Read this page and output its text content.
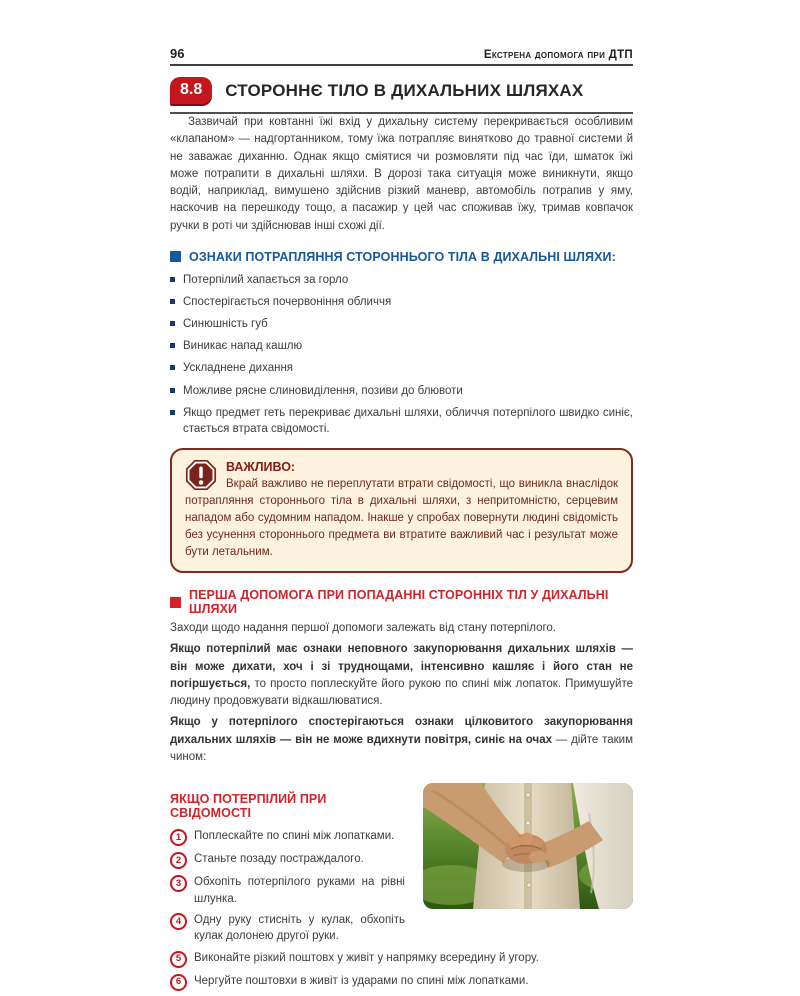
96	Екстрена допомога при ДТП
8.8	СТОРОННЄ ТІЛО В ДИХАЛЬНИХ ШЛЯХАХ

Зазвичай при ковтанні їжі вхід у дихальну систему перекривається особливим «клапаном» — надгортанником, тому їжа потрапляє винятково до травної системи й не заважає диханню. Однак якщо сміятися чи розмовляти під час їди, шматок їжі може потрапити в дихальні шляхи. В дорозі така ситуація може виникнути, якщо водій, наприклад, вимушено здійснив різкий маневр, автомобіль потрапив у яму, наскочив на перешкоду тощо, а пасажир у цей час споживав їжу, тримав ковпачок ручки в роті чи здійснював інші схожі дії.

ОЗНАКИ ПОТРАПЛЯННЯ СТОРОННЬОГО ТІЛА В ДИХАЛЬНІ ШЛЯХИ:
Потерпілий хапається за горло
Спостерігається почервоніння обличчя
Синюшність губ
Виникає напад кашлю
Ускладнене дихання
Можливе рясне слиновиділення, позиви до блювоти
Якщо предмет геть перекриває дихальні шляхи, обличчя потерпілого швидко синіє, стається втрата свідомості.
ВАЖЛИВО:
Вкрай важливо не переплутати втрати свідомості, що виникла внаслідок потрапляння стороннього тіла в дихальні шляхи, з непритомністю, серцевим нападом або судомним нападом. Інакше у спробах повернути людині свідомість без усунення стороннього предмета ви втратите важливий час і результат може бути летальним.
ПЕРША ДОПОМОГА ПРИ ПОПАДАННІ СТОРОННІХ ТІЛ У ДИХАЛЬНІ ШЛЯХИ

Заходи щодо надання першої допомоги залежать від стану потерпілого.

Якщо потерпілий має ознаки неповного закупорювання дихальних шляхів — він може дихати, хоч і зі труднощами, інтенсивно кашляє і його стан не погіршується, то просто поплескуйте його рукою по спині між лопаток. Примушуйте людину продовжувати відкашлюватися.

Якщо у потерпілого спостерігаються ознаки цілковитого закупорювання дихальних шляхів — він не може вдихнути повітря, синіє на очах — дійте таким чином:

ЯКЩО ПОТЕРПІЛИЙ ПРИ СВІДОМОСТІ
1	Поплескайте по спині між лопатками.
2	Станьте позаду постраждалого.
3	Обхопіть потерпілого руками на рівні шлунка.
4	Одну руку стисніть у кулак, обхопіть кулак долонею другої руки.
5	Виконайте різкий поштовх у живіт у напрямку всередину й угору.
6	Чергуйте поштовхи в живіт із ударами по спині між лопатками.
